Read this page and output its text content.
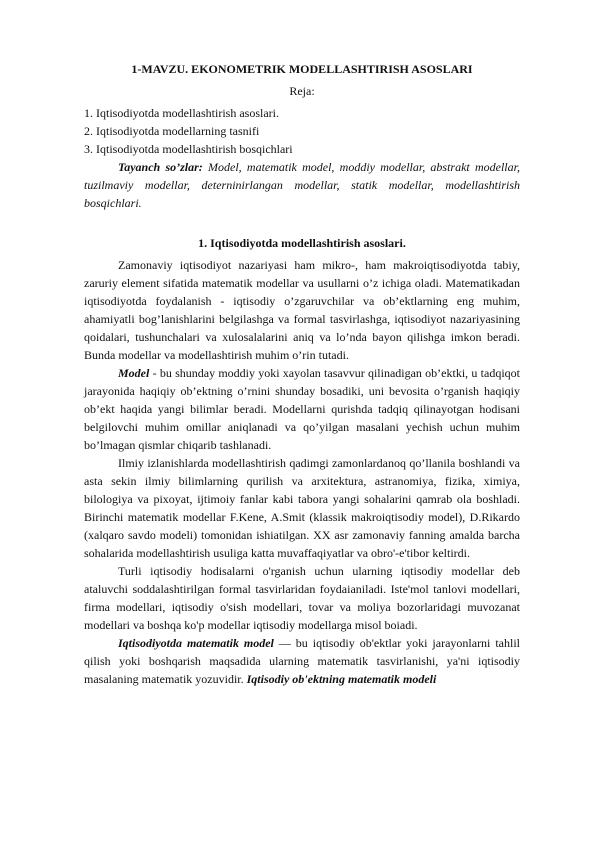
1-MAVZU. EKONOMETRIK MODELLASHTIRISH ASOSLARI

Reja:

1. Iqtisodiyotda modellashtirish asoslari.
2. Iqtisodiyotda modellarning tasnifi
3. Iqtisodiyotda modellashtirish bosqichlari

Tayanch so’zlar: Model, matematik model, moddiy modellar, abstrakt modellar, tuzilmaviy modellar, deterninirlangan modellar, statik modellar, modellashtirish bosqichlari.

1. Iqtisodiyotda modellashtirish asoslari.

Zamonaviy iqtisodiyot nazariyasi ham mikro-, ham makroiqtisodiyotda tabiy, zaruriy element sifatida matematik modellar va usullarni o’z ichiga oladi. Matematikadan iqtisodiyotda foydalanish - iqtisodiy o’zgaruvchilar va ob’ektlarning eng muhim, ahamiyatli bog’lanishlarini belgilashga va formal tasvirlashga, iqtisodiyot nazariyasining qoidalari, tushunchalari va xulosalalarini aniq va lo’nda bayon qilishga imkon beradi. Bunda modellar va modellashtirish muhim o’rin tutadi.

Model - bu shunday moddiy yoki xayolan tasavvur qilinadigan ob’ektki, u tadqiqot jarayonida haqiqiy ob’ektning o’rnini shunday bosadiki, uni bevosita o’rganish haqiqiy ob’ekt haqida yangi bilimlar beradi. Modellarni qurishda tadqiq qilinayotgan hodisani belgilovchi muhim omillar aniqlanadi va qo’yilgan masalani yechish uchun muhim bo’lmagan qismlar chiqarib tashlanadi.

Ilmiy izlanishlarda modellashtirish qadimgi zamonlardanoq qo’llanila boshlandi va asta sekin ilmiy bilimlarning qurilish va arxitektura, astranomiya, fizika, ximiya, bilologiya va pixoyat, ijtimoiy fanlar kabi tabora yangi sohalarini qamrab ola boshladi. Birinchi matematik modellar F.Kene, A.Smit (klassik makroiqtisodiy model), D.Rikardo (xalqaro savdo modeli) tomonidan ishiatilgan. XX asr zamonaviy fanning amalda barcha sohalarida modellashtirish usuliga katta muvaffaqiyatlar va obro'-e'tibor keltirdi.

Turli iqtisodiy hodisalarni o'rganish uchun ularning iqtisodiy modellar deb ataluvchi soddalashtirilgan formal tasvirlaridan foydaianiladi. Iste'mol tanlovi modellari, firma modellari, iqtisodiy o'sish modellari, tovar va moliya bozorlaridagi muvozanat modellari va boshqa ko'p modellar iqtisodiy modellarga misol boiadi.

Iqtisodiyotda matematik model — bu iqtisodiy ob'ektlar yoki jarayonlarni tahlil qilish yoki boshqarish maqsadida ularning matematik tasvirlanishi, ya'ni iqtisodiy masalaning matematik yozuvidir. Iqtisodiy ob'ektning matematik modeli
